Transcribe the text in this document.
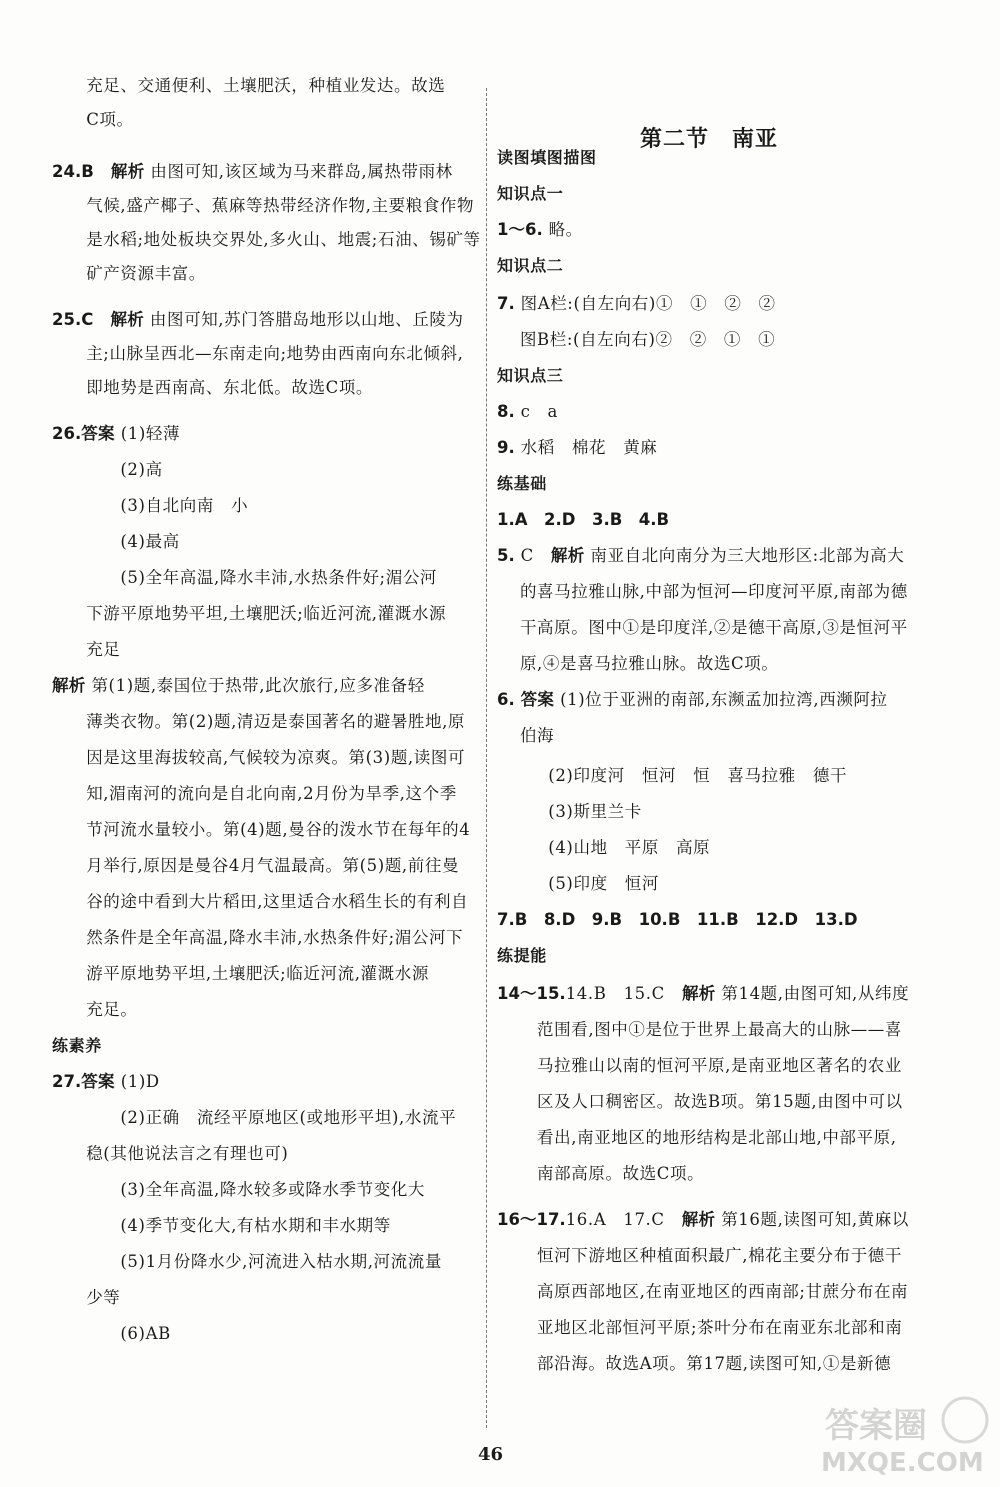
　　充足、交通便利、土壤肥沃，种植业发达。故选
　　C项。
24.B　 解析 由图可知,该区域为马来群岛,属热带雨林
　　气候,盛产椰子、蕉麻等热带经济作物,主要粮食作物
　　是水稻;地处板块交界处,多火山、地震;石油、锡矿等
　　矿产资源丰富。
25.C　 解析 由图可知,苏门答腊岛地形以山地、丘陵为
　　主;山脉呈西北—东南走向;地势由西南向东北倾斜,
　　即地势是西南高、东北低。故选C项。
26.答案 (1)轻薄
　　　　(2)高
　　　　(3)自北向南　小
　　　　(4)最高
　　　　(5)全年高温,降水丰沛,水热条件好;湄公河
　　下游平原地势平坦,土壤肥沃;临近河流,灌溉水源
　　充足
解析 第(1)题,泰国位于热带,此次旅行,应多准备轻
　　薄类衣物。第(2)题,清迈是泰国著名的避暑胜地,原
　　因是这里海拔较高,气候较为凉爽。第(3)题,读图可
　　知,湄南河的流向是自北向南,2月份为旱季,这个季
　　节河流水量较小。第(4)题,曼谷的泼水节在每年的4
　　月举行,原因是曼谷4月气温最高。第(5)题,前往曼
　　谷的途中看到大片稻田,这里适合水稻生长的有利自
　　然条件是全年高温,降水丰沛,水热条件好;湄公河下
　　游平原地势平坦,土壤肥沃;临近河流,灌溉水源
　　充足。
练素养
27.答案 (1)D
　　　　(2)正确　流经平原地区(或地形平坦),水流平
　　稳(其他说法言之有理也可)
　　　　(3)全年高温,降水较多或降水季节变化大
　　　　(4)季节变化大,有枯水期和丰水期等
　　　　(5)1月份降水少,河流进入枯水期,河流流量
　　少等
　　　　(6)AB
第二节　南亚
读图填图描图
知识点一
1～6. 略。
知识点二
7. 图A栏:(自左向右)①　①　②　②
　 图B栏:(自左向右)②　②　①　①
知识点三
8. c　a
9. 水稻　棉花　黄麻
练基础
1.A　2.D　3.B　4.B
5. C　解析 南亚自北向南分为三大地形区:北部为高大
　 的喜马拉雅山脉,中部为恒河—印度河平原,南部为德
　 干高原。图中①是印度洋,②是德干高原,③是恒河平
　 原,④是喜马拉雅山脉。故选C项。
6. 答案 (1)位于亚洲的南部,东濒孟加拉湾,西濒阿拉
　 伯海
　　　(2)印度河　恒河　恒　喜马拉雅　德干
　　　(3)斯里兰卡
　　　(4)山地　平原　高原
　　　(5)印度　恒河
7.B　8.D　9.B　10.B　11.B　12.D　13.D
练提能
14～15.14.B　15.C　解析 第14题,由图可知,从纬度
　　 范围看,图中①是位于世界上最高大的山脉——喜
　　 马拉雅山以南的恒河平原,是南亚地区著名的农业
　　 区及人口稠密区。故选B项。第15题,由图中可以
　　 看出,南亚地区的地形结构是北部山地,中部平原,
　　 南部高原。故选C项。
16～17.16.A　17.C　解析 第16题,读图可知,黄麻以
　　 恒河下游地区种植面积最广,棉花主要分布于德干
　　 高原西部地区,在南亚地区的西南部;甘蔗分布在南
　　 亚地区北部恒河平原;茶叶分布在南亚东北部和南
　　 部沿海。故选A项。第17题,读图可知,①是新德
46
答案圈
MXQE.COM
